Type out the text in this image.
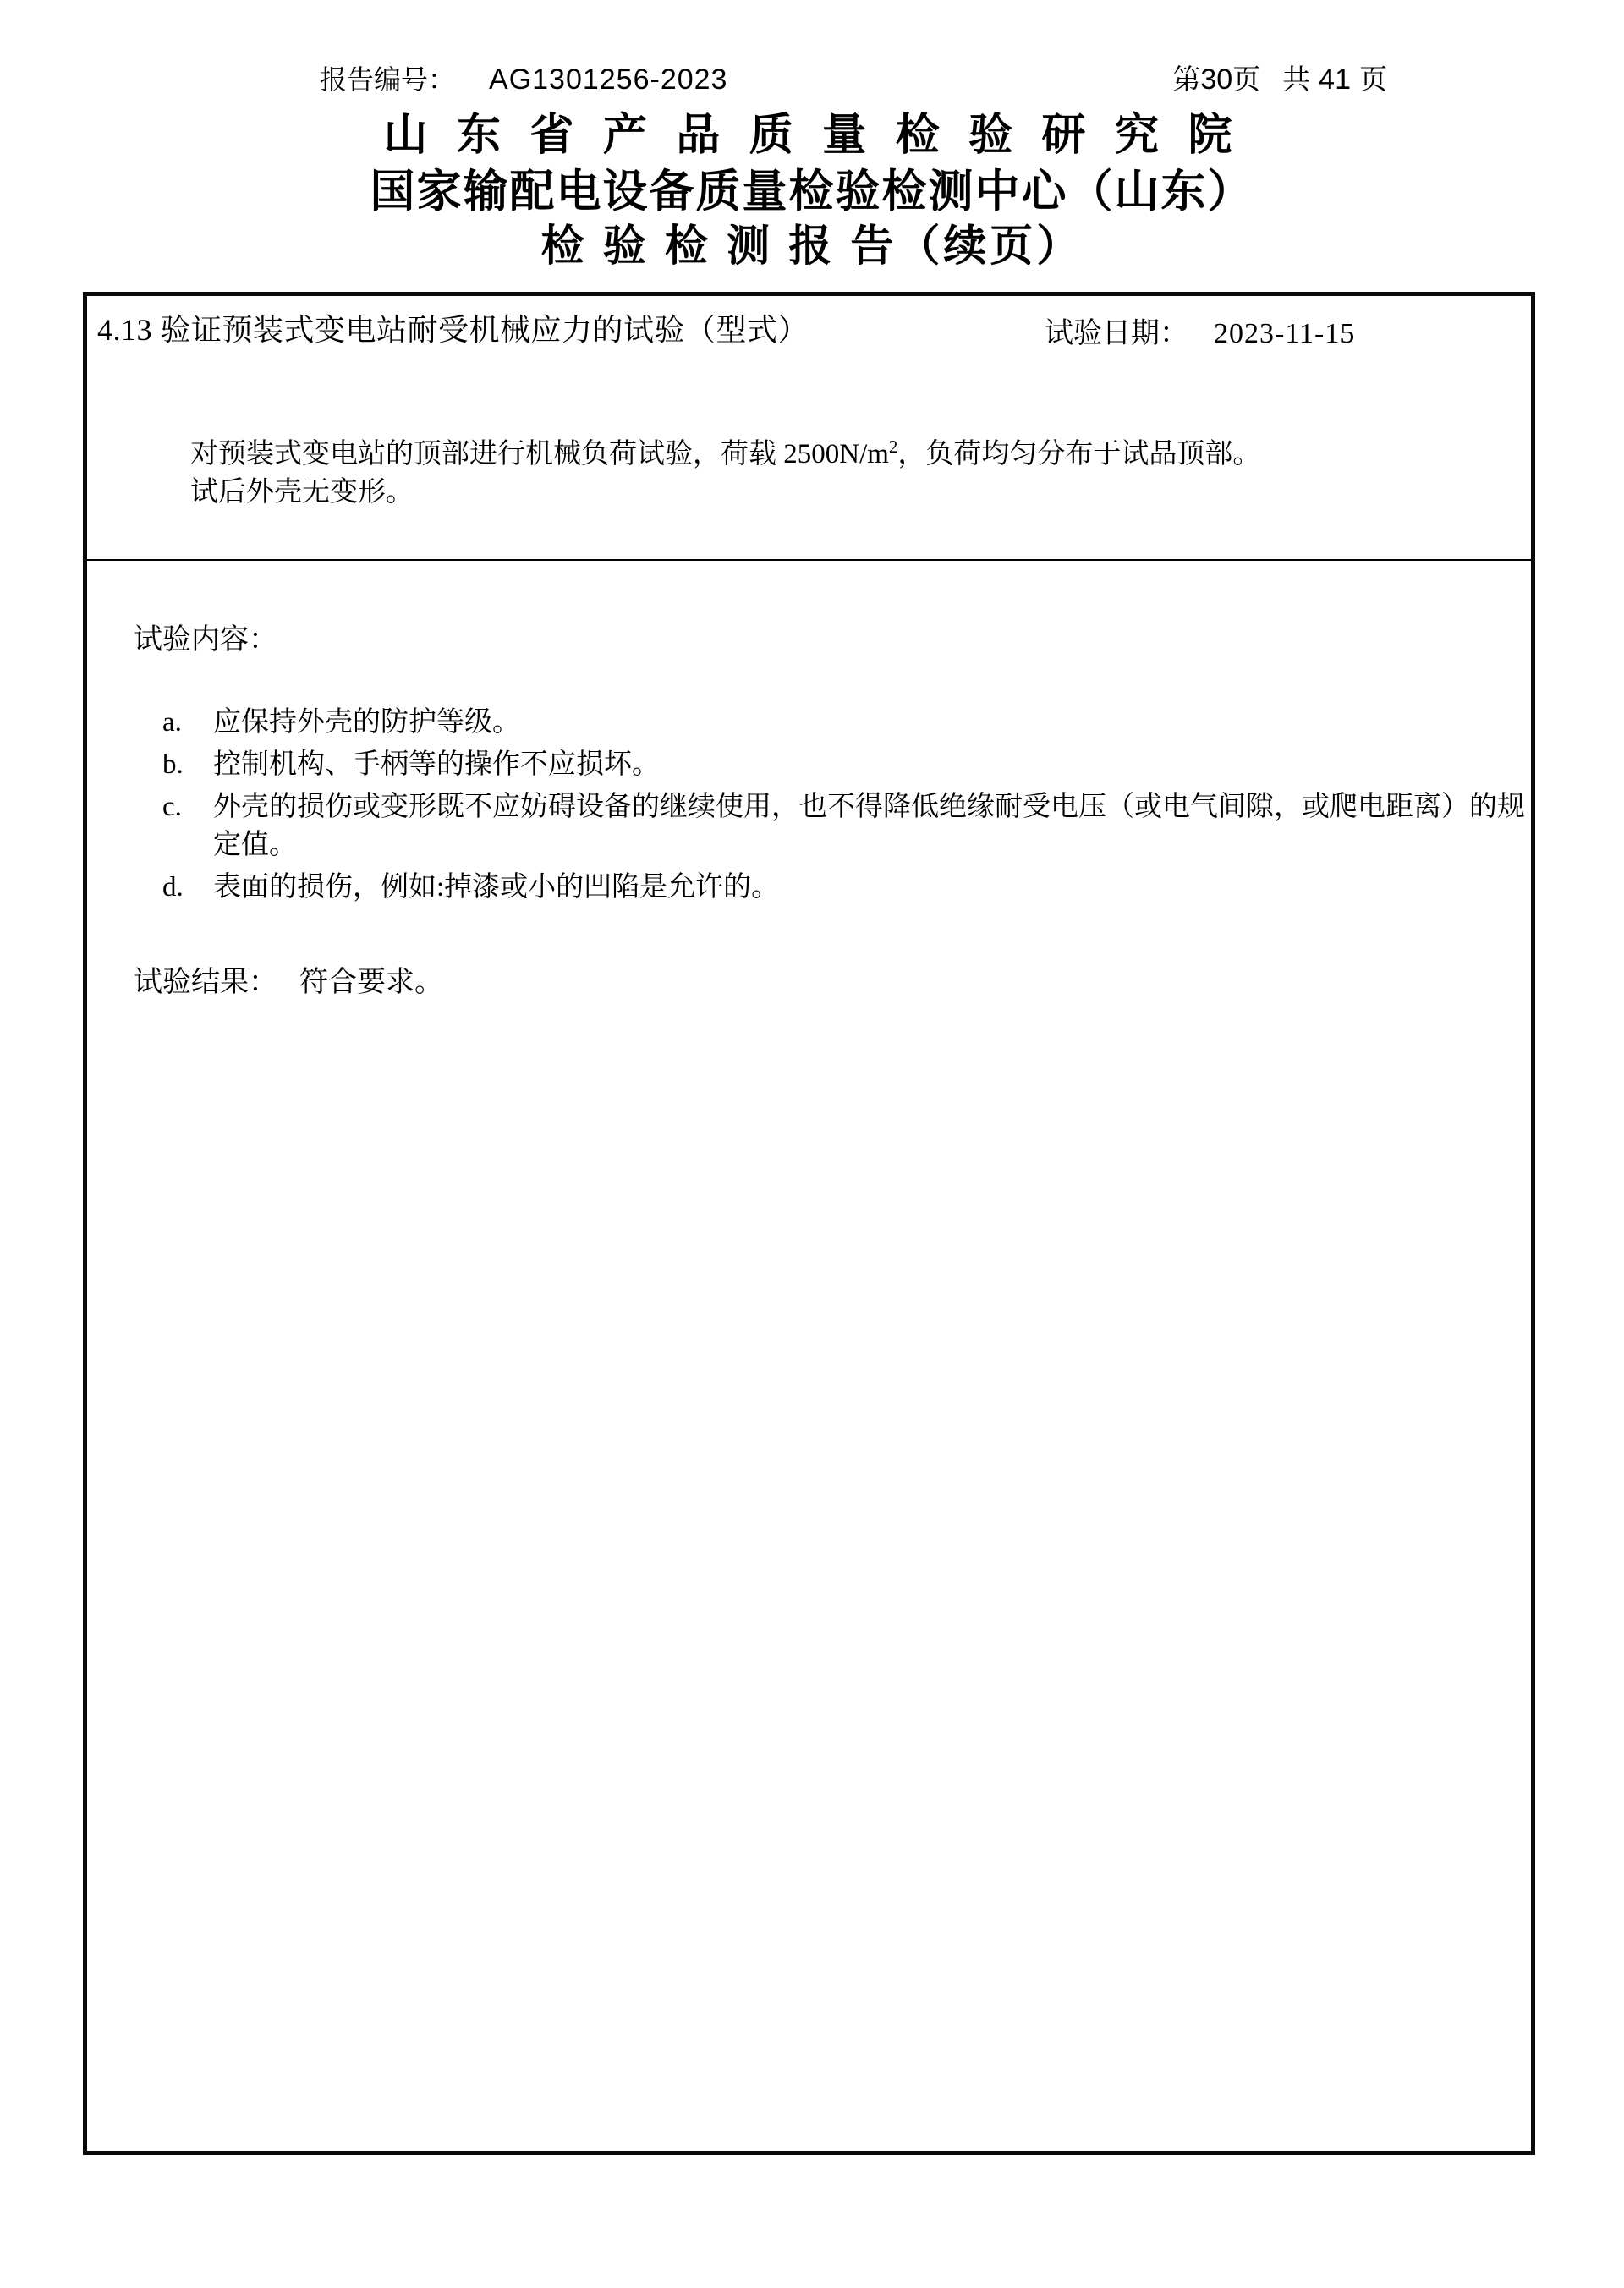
报告编号： AG1301256-2023	第30页 共 41 页
山 东 省 产 品 质 量 检 验 研 究 院
国家输配电设备质量检验检测中心（山东）
检 验 检 测 报 告（续页）
4.13 验证预装式变电站耐受机械应力的试验（型式）	试验日期： 2023-11-15
对预装式变电站的顶部进行机械负荷试验，荷载 $2500N/m^2$，负荷均匀分布于试品顶部。
试后外壳无变形。
试验内容：
a. 应保持外壳的防护等级。
b. 控制机构、手柄等的操作不应损坏。
c. 外壳的损伤或变形既不应妨碍设备的继续使用，也不得降低绝缘耐受电压（或电气间隙，或爬电距离）的规定值。
d. 表面的损伤，例如:掉漆或小的凹陷是允许的。
试验结果： 符合要求。
